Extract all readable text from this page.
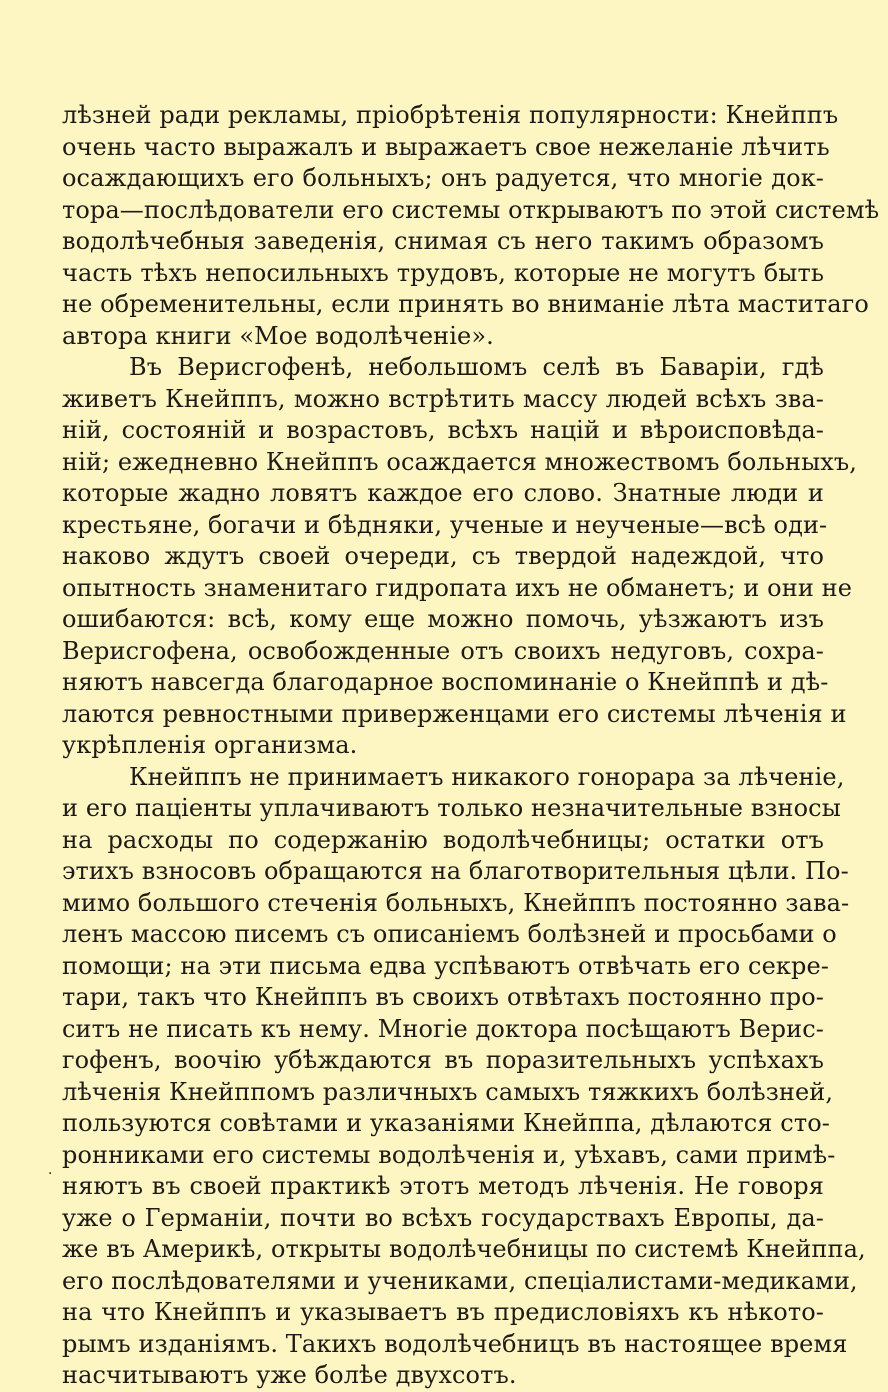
лѣзней ради рекламы, пріобрѣтенія популярности: Кнейппъ
очень часто выражалъ и выражаетъ свое нежеланіе лѣчить
осаждающихъ его больныхъ; онъ радуется, что многіе док-
тора—послѣдователи его системы открываютъ по этой системѣ
водолѣчебныя заведенія, снимая съ него такимъ образомъ
часть тѣхъ непосильныхъ трудовъ, которые не могутъ быть
не обременительны, если принять во вниманіе лѣта маститаго
автора книги «Мое водолѣченіе».
Въ Верисгофенѣ, небольшомъ селѣ въ Баваріи, гдѣ
живетъ Кнейппъ, можно встрѣтить массу людей всѣхъ зва-
ній, состояній и возрастовъ, всѣхъ націй и вѣроисповѣда-
ній; ежедневно Кнейппъ осаждается множествомъ больныхъ,
которые жадно ловятъ каждое его слово. Знатные люди и
крестьяне, богачи и бѣдняки, ученые и неученые—всѣ оди-
наково ждутъ своей очереди, съ твердой надеждой, что
опытность знаменитаго гидропата ихъ не обманетъ; и они не
ошибаются: всѣ, кому еще можно помочь, уѣзжаютъ изъ
Верисгофена, освобожденные отъ своихъ недуговъ, сохра-
няютъ навсегда благодарное воспоминаніе о Кнейппѣ и дѣ-
лаются ревностными приверженцами его системы лѣченія и
укрѣпленія организма.
Кнейппъ не принимаетъ никакого гонорара за лѣченіе,
и его паціенты уплачиваютъ только незначительные взносы
на расходы по содержанію водолѣчебницы; остатки отъ
этихъ взносовъ обращаются на благотворительныя цѣли. По-
мимо большого стеченія больныхъ, Кнейппъ постоянно зава-
ленъ массою писемъ съ описаніемъ болѣзней и просьбами о
помощи; на эти письма едва успѣваютъ отвѣчать его секре-
тари, такъ что Кнейппъ въ своихъ отвѣтахъ постоянно про-
ситъ не писать къ нему. Многіе доктора посѣщаютъ Верис-
гофенъ, воочію убѣждаются въ поразительныхъ успѣхахъ
лѣченія Кнейппомъ различныхъ самыхъ тяжкихъ болѣзней,
пользуются совѣтами и указаніями Кнейппа, дѣлаются сто-
ронниками его системы водолѣченія и, уѣхавъ, сами примѣ-
няютъ въ своей практикѣ этотъ методъ лѣченія. Не говоря
уже о Германіи, почти во всѣхъ государствахъ Европы, да-
же въ Америкѣ, открыты водолѣчебницы по системѣ Кнейппа,
его послѣдователями и учениками, спеціалистами-медиками,
на что Кнейппъ и указываетъ въ предисловіяхъ къ нѣкото-
рымъ изданіямъ. Такихъ водолѣчебницъ въ настоящее время
насчитываютъ уже болѣе двухсотъ.
·
